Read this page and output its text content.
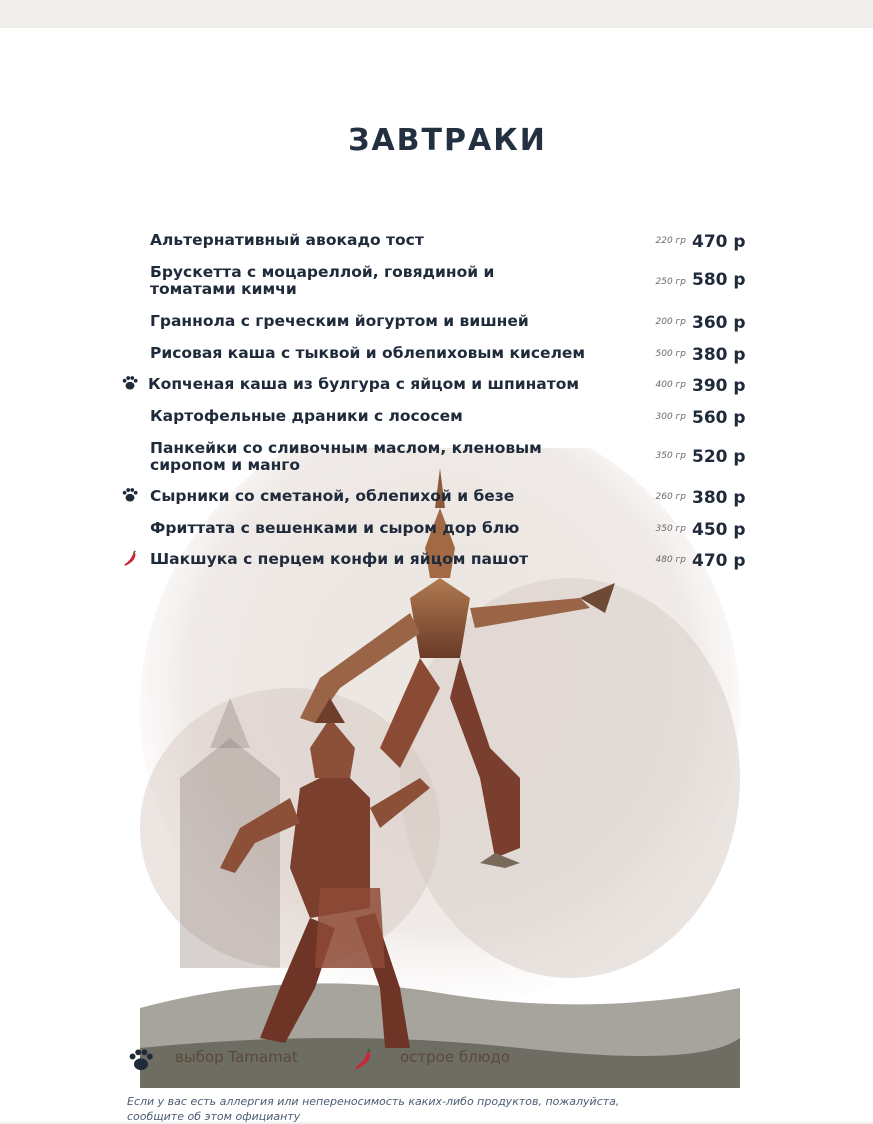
ЗАВТРАКИ
Альтернативный авокадо тост	220 гр 470 р
Брускетта с моцареллой, говядиной и томатами кимчи	250 гр 580 р
Граннола с греческим йогуртом и вишней	200 гр 360 р
Рисовая каша с тыквой и облепиховым киселем	500 гр 380 р
Копченая каша из булгура с яйцом и шпинатом	400 гр 390 р
Картофельные драники с лососем	300 гр 560 р
Панкейки со сливочным маслом, кленовым сиропом и манго	350 гр 520 р
Сырники со сметаной, облепихой и безе	260 гр 380 р
Фриттата с вешенками и сыром дор блю	350 гр 450 р
Шакшука с перцем конфи и яйцом пашот	480 гр 470 р
выбор Tamamat	острое блюдо
Если у вас есть аллергия или непереносимость каких-либо продуктов, пожалуйста,
сообщите об этом официанту
